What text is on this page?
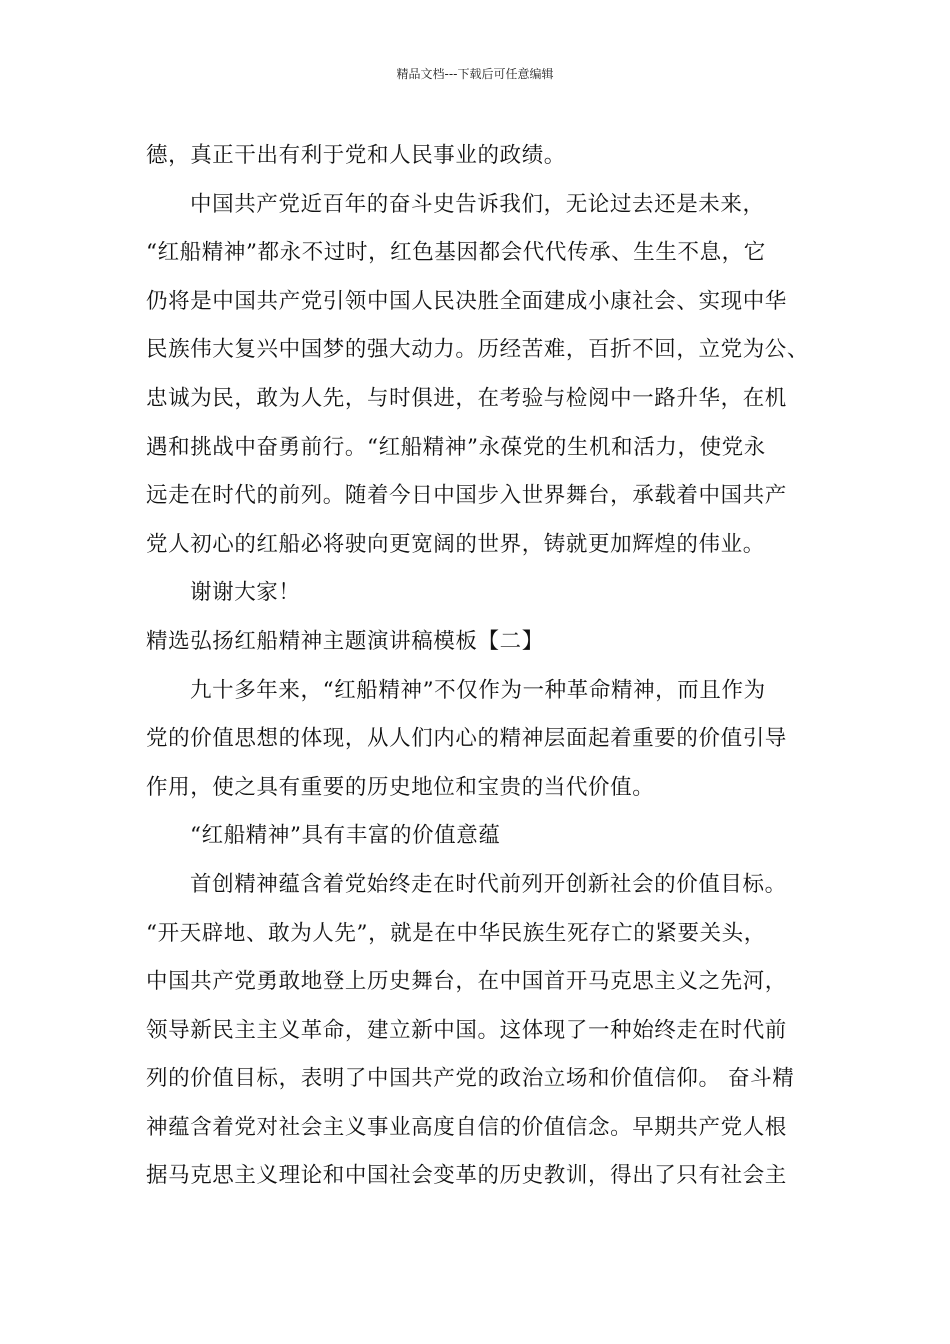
精品文档---下载后可任意编辑
德，真正干出有利于党和人民事业的政绩。
中国共产党近百年的奋斗史告诉我们，无论过去还是未来，
“红船精神”都永不过时，红色基因都会代代传承、生生不息，它
仍将是中国共产党引领中国人民决胜全面建成小康社会、实现中华
民族伟大复兴中国梦的强大动力。历经苦难，百折不回，立党为公、
忠诚为民，敢为人先，与时俱进，在考验与检阅中一路升华，在机
遇和挑战中奋勇前行。“红船精神”永葆党的生机和活力，使党永
远走在时代的前列。随着今日中国步入世界舞台，承载着中国共产
党人初心的红船必将驶向更宽阔的世界，铸就更加辉煌的伟业。
谢谢大家！
精选弘扬红船精神主题演讲稿模板【二】
九十多年来，“红船精神”不仅作为一种革命精神，而且作为
党的价值思想的体现，从人们内心的精神层面起着重要的价值引导
作用，使之具有重要的历史地位和宝贵的当代价值。
“红船精神”具有丰富的价值意蕴
首创精神蕴含着党始终走在时代前列开创新社会的价值目标。
“开天辟地、敢为人先”，就是在中华民族生死存亡的紧要关头，
中国共产党勇敢地登上历史舞台，在中国首开马克思主义之先河，
领导新民主主义革命，建立新中国。这体现了一种始终走在时代前
列的价值目标，表明了中国共产党的政治立场和价值信仰。 奋斗精
神蕴含着党对社会主义事业高度自信的价值信念。早期共产党人根
据马克思主义理论和中国社会变革的历史教训，得出了只有社会主
